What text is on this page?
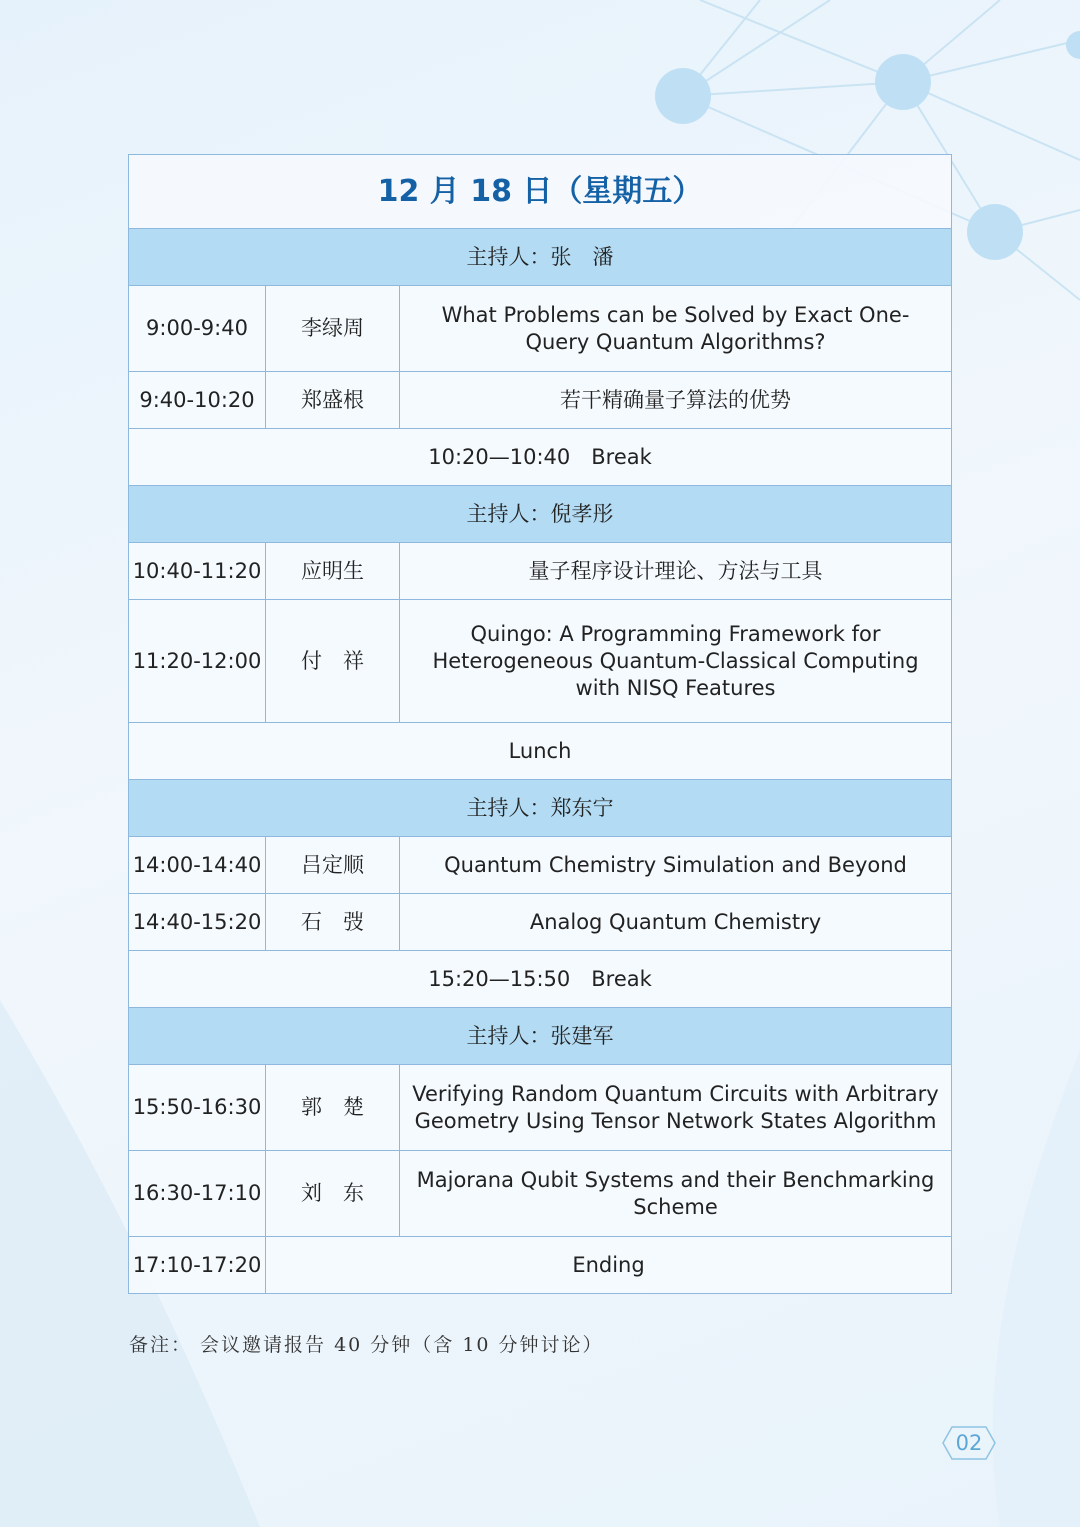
12 月 18 日（星期五）		
主持人：张　潘		
9:00-9:40	李绿周	What Problems can be Solved by Exact One-Query Quantum Algorithms?
9:40-10:20	郑盛根	若干精确量子算法的优势
10:20—10:40　Break		
主持人：倪孝彤		
10:40-11:20	应明生	量子程序设计理论、方法与工具
11:20-12:00	付　祥	Quingo: A Programming Framework for Heterogeneous Quantum-Classical Computing with NISQ Features
Lunch		
主持人：郑东宁		
14:00-14:40	吕定顺	Quantum Chemistry Simulation and Beyond
14:40-15:20	石　弢	Analog Quantum Chemistry
15:20—15:50　Break		
主持人：张建军		
15:50-16:30	郭　楚	Verifying Random Quantum Circuits with Arbitrary Geometry Using Tensor Network States Algorithm
16:30-17:10	刘　东	Majorana Qubit Systems and their Benchmarking Scheme
17:10-17:20	Ending	
备注： 会议邀请报告 40 分钟（含 10 分钟讨论）
02
